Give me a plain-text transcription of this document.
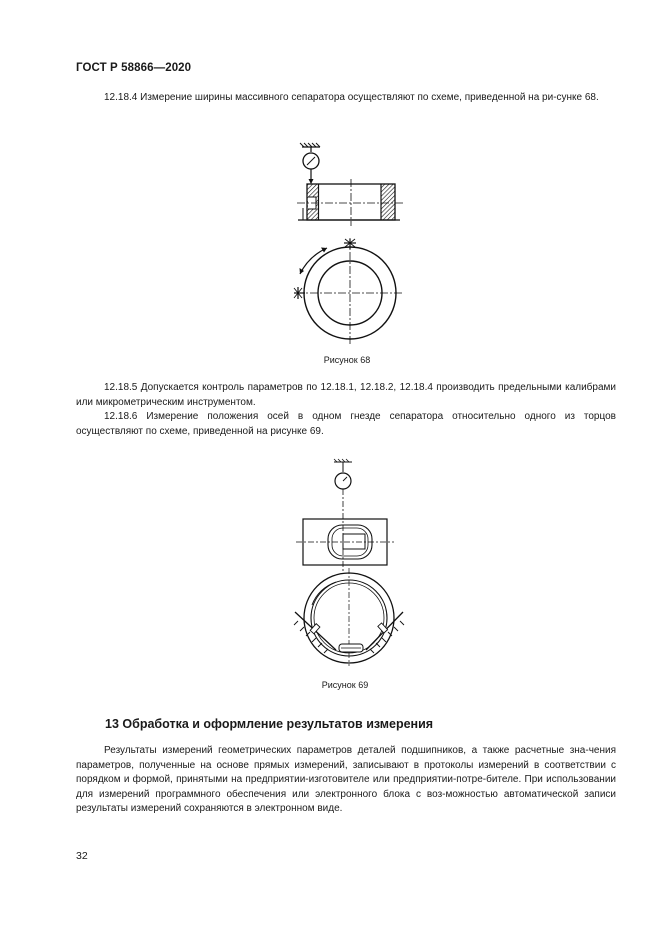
ГОСТ Р 58866—2020
12.18.4 Измерение ширины массивного сепаратора осуществляют по схеме, приведенной на ри-сунке 68.
Рисунок 68
12.18.5 Допускается контроль параметров по 12.18.1, 12.18.2, 12.18.4 производить предельными калибрами или микрометрическим инструментом.
12.18.6 Измерение положения осей в одном гнезде сепаратора относительно одного из торцов осуществляют по схеме, приведенной на рисунке 69.
Рисунок 69
13 Обработка и оформление результатов измерения
Результаты измерений геометрических параметров деталей подшипников, а также расчетные зна-чения параметров, полученные на основе прямых измерений, записывают в протоколы измерений в соответствии с порядком и формой, принятыми на предприятии-изготовителе или предприятии-потре-бителе. При использовании для измерений программного обеспечения или электронного блока с воз-можностью автоматической записи результаты измерений сохраняются в электронном виде.
32
